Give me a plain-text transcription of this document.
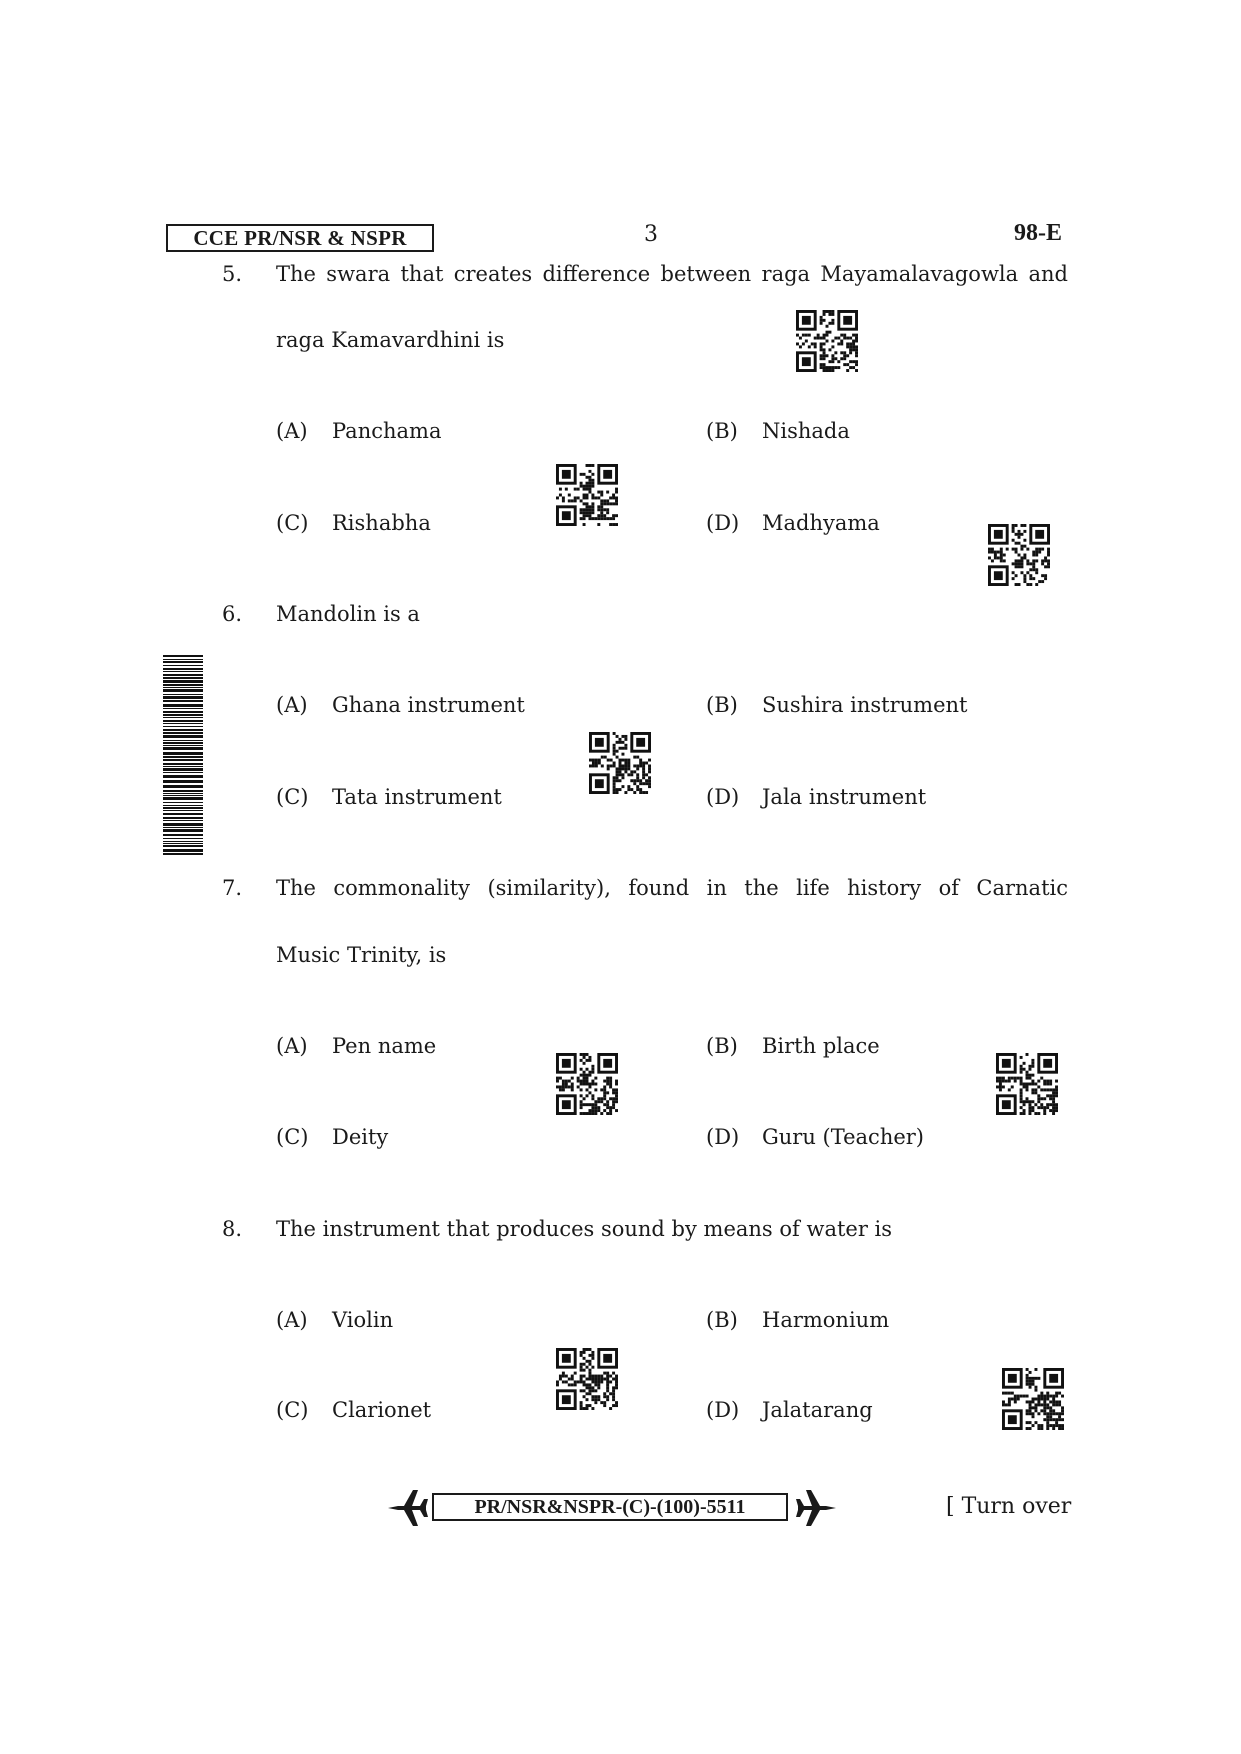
CCE PR/NSR & NSPR	3	98-E
5. The swara that creates difference between raga Mayamalavagowla and
raga Kamavardhini is
(A) Panchama	(B) Nishada
(C) Rishabha	(D) Madhyama
6. Mandolin is a
(A) Ghana instrument	(B) Sushira instrument
(C) Tata instrument	(D) Jala instrument
7. The commonality (similarity), found in the life history of Carnatic
Music Trinity, is
(A) Pen name	(B) Birth place
(C) Deity	(D) Guru (Teacher)
8. The instrument that produces sound by means of water is
(A) Violin	(B) Harmonium
(C) Clarionet	(D) Jalatarang
PR/NSR&NSPR-(C)-(100)-5511	[ Turn over
